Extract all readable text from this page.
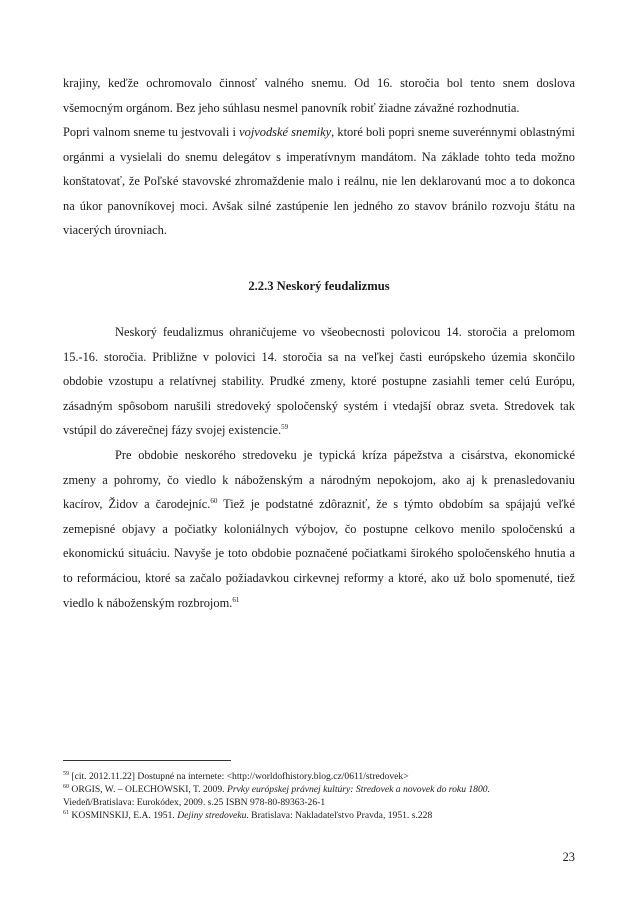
krajiny, keďže ochromovalo činnosť valného snemu. Od 16. storočia bol tento snem doslova všemocným orgánom. Bez jeho súhlasu nesmel panovník robiť žiadne závažné rozhodnutia.

Popri valnom sneme tu jestvovali i vojvodské snemiky, ktoré boli popri sneme suverénnymi oblastnými orgánmi a vysielali do snemu delegátov s imperatívnym mandátom. Na základe tohto teda možno konštatovať, že Poľské stavovské zhromaždenie malo i reálnu, nie len deklarovanú moc a to dokonca na úkor panovníkovej moci. Avšak silné zastúpenie len jedného zo stavov bránilo rozvoju štátu na viacerých úrovniach.

2.2.3 Neskorý feudalizmus

Neskorý feudalizmus ohraničujeme vo všeobecnosti polovicou 14. storočia a prelomom 15.-16. storočia. Približne v polovici 14. storočia sa na veľkej časti európskeho územia skončilo obdobie vzostupu a relatívnej stability. Prudké zmeny, ktoré postupne zasiahli temer celú Európu, zásadným spôsobom narušili stredoveký spoločenský systém i vtedajší obraz sveta. Stredovek tak vstúpil do záverečnej fázy svojej existencie.$^{59}$

Pre obdobie neskorého stredoveku je typická kríza pápežstva a cisárstva, ekonomické zmeny a pohromy, čo viedlo k náboženským a národným nepokojom, ako aj k prenasledovaniu kacírov, Židov a čarodejníc.$^{60}$ Tiež je podstatné zdôrazniť, že s týmto obdobím sa spájajú veľké zemepisné objavy a počiatky koloniálnych výbojov, čo postupne celkovo menilo spoločenskú a ekonomickú situáciu. Navyše je toto obdobie poznačené počiatkami širokého spoločenského hnutia a to reformáciou, ktoré sa začalo požiadavkou cirkevnej reformy a ktoré, ako už bolo spomenuté, tiež viedlo k náboženským rozbrojom.$^{61}$

$^{59}$ [cit. 2012.11.22] Dostupné na internete: <http://worldofhistory.blog.cz/0611/stredovek>

$^{60}$ ORGIS, W. – OLECHOWSKI, T. 2009. Prvky európskej právnej kultúry: Stredovek a novovek do roku 1800.
Viedeň/Bratislava: Eurokódex, 2009. s.25 ISBN 978-80-89363-26-1

$^{61}$ KOSMINSKIJ, E.A. 1951. Dejiny stredoveku. Bratislava: Nakladateľstvo Pravda, 1951. s.228

23
